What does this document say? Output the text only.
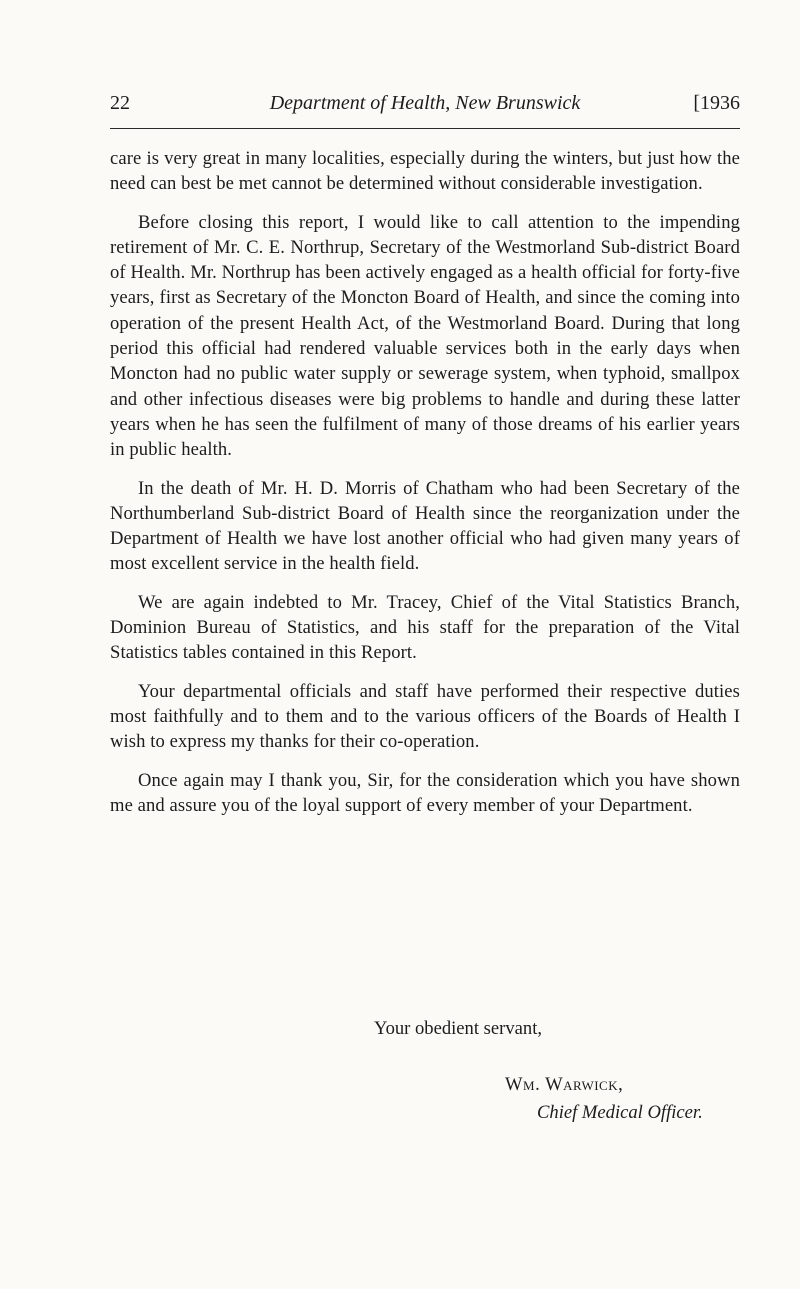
22	Department of Health, New Brunswick	[1936

care is very great in many localities, especially during the winters, but just how the need can best be met cannot be determined without considerable investigation.

Before closing this report, I would like to call attention to the impending retirement of Mr. C. E. Northrup, Secretary of the Westmorland Sub-district Board of Health. Mr. Northrup has been actively engaged as a health official for forty-five years, first as Secretary of the Moncton Board of Health, and since the coming into operation of the present Health Act, of the Westmorland Board. During that long period this official had rendered valuable services both in the early days when Moncton had no public water supply or sewerage system, when typhoid, smallpox and other infectious diseases were big problems to handle and during these latter years when he has seen the fulfilment of many of those dreams of his earlier years in public health.

In the death of Mr. H. D. Morris of Chatham who had been Secretary of the Northumberland Sub-district Board of Health since the reorganization under the Department of Health we have lost another official who had given many years of most excellent service in the health field.

We are again indebted to Mr. Tracey, Chief of the Vital Statistics Branch, Dominion Bureau of Statistics, and his staff for the preparation of the Vital Statistics tables contained in this Report.

Your departmental officials and staff have performed their respective duties most faithfully and to them and to the various officers of the Boards of Health I wish to express my thanks for their co-operation.

Once again may I thank you, Sir, for the consideration which you have shown me and assure you of the loyal support of every member of your Department.

Your obedient servant,
Wm. Warwick,
Chief Medical Officer.
